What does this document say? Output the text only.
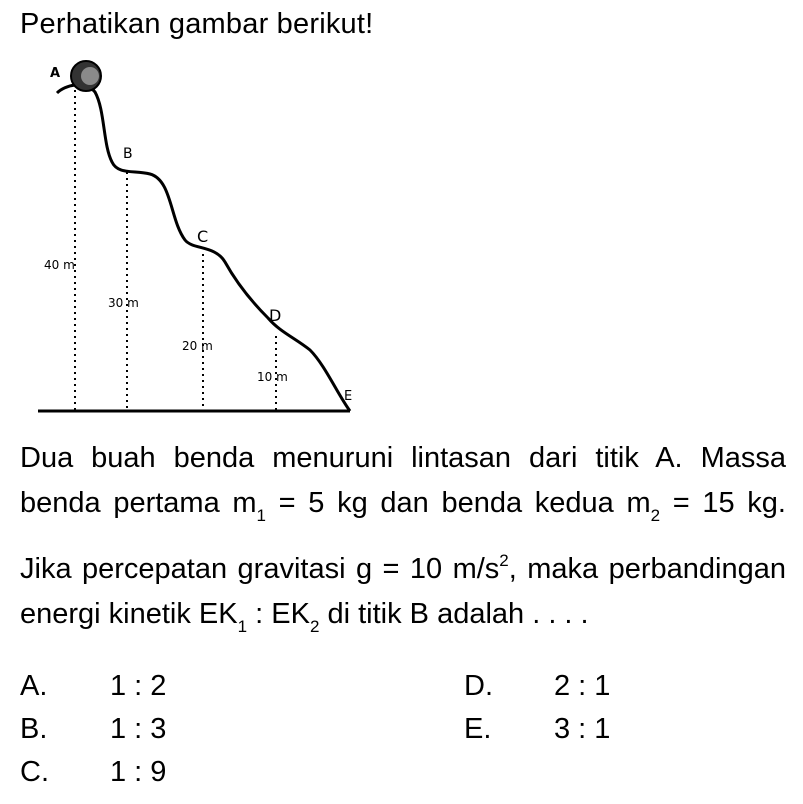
Perhatikan gambar berikut!
A
B
C
D
E
40 m
30 m
20 m
10 m
Dua buah benda menuruni lintasan dari titik A. Massa benda pertama $m_1 = 5$ kg dan benda kedua $m_2 = 15$ kg. Jika percepatan gravitasi g = 10 $m/s^2$, maka perbandingan energi kinetik $EK_1$ : $EK_2$ di titik B adalah . . . .
A. 1 : 2
B. 1 : 3
C. 1 : 9
D. 2 : 1
E. 3 : 1
